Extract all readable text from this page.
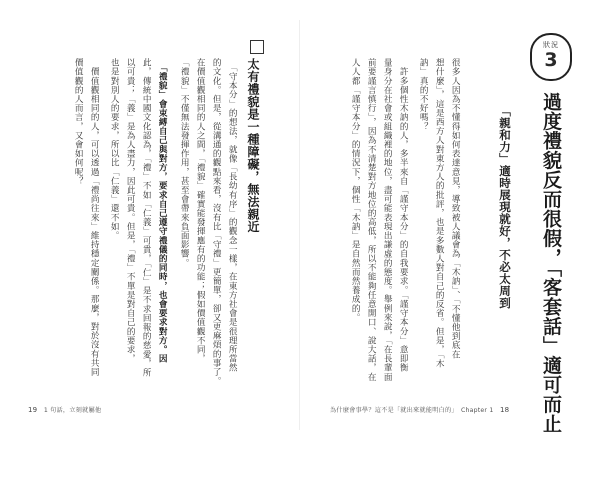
狀況
3
過度禮貌反而很假，「客套話」適可而止
「親和力」適時展現就好，不必太周到
很多人因為不懂得如何表達意見，導致被人議會為「木訥」、「不懂他到底在
想什麼」，這是西方人對東方人的批評，也是多數人對自己的反省。但是，「木
訥」真的不好嗎？
　許多個性木訥的人，多半來自「謹守本分」的自我要求。「謹守本分」意即衡
量身分在社會或組織裡的地位，盡可能表現出謙虛的態度。舉例來說，「在長輩面
前要謹言慎行」，因為不清楚對方地位的高低，所以不能夠任意開口、說大話，在
人人都「謹守本分」的情況下，個性「木訥」是自然而然養成的。
為什麼會事學？這不是「就出來就能明白的」　Chapter 1 18
太有禮貌是一種障礙，無法親近
　「守本分」的想法，就像「長幼有序」的觀念一樣，在東方社會是很理所當然
的文化。但是，從溝通的觀點來看，沒有比「守禮」更簡單，卻又更麻煩的事了。
在價值觀相同的人之間，「禮貌」確實能發揮應有的功能；假如價值觀不同，
「禮貌」不僅無法發揮作用，甚至會帶來負面影響。
　「禮貌」會束縛自己與對方，要求自己遵守禮儀的同時，也會要求對方。因
此，傳統中國文化認為，「禮」不如「仁義」可貴，「仁」是不求回報的慈愛，所
以可貴；「義」是為人盡力，因此可貴。但是，「禮」不單是對自己的要求，
也是對別人的要求，所以比「仁義」還不如。
　價值觀相同的人，可以透過「禮尚往來」維持穩定關係。那麼，對於沒有共同
價值觀的人而言，又會如何呢？
19 1 句話，立刻就屬他
